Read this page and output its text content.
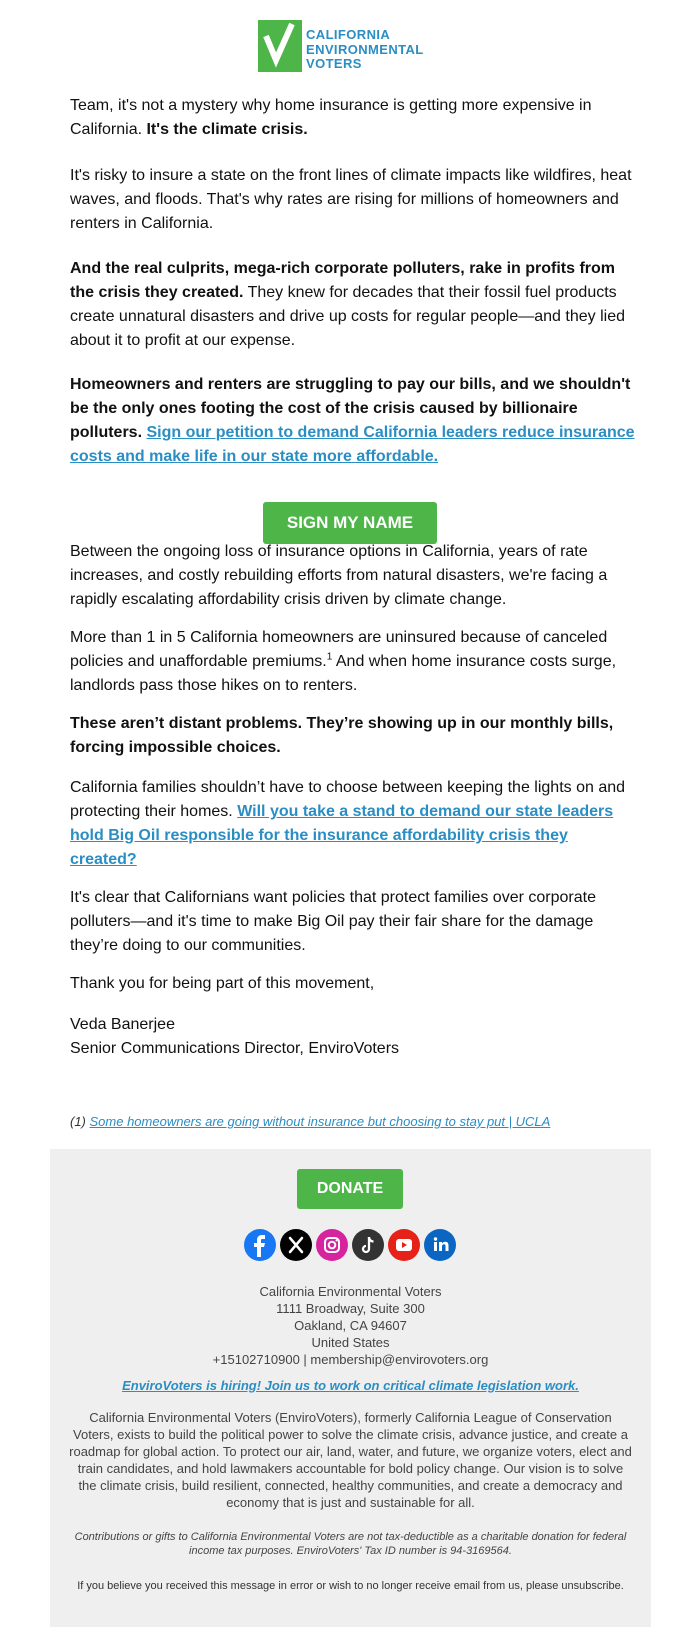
CALIFORNIA
ENVIRONMENTAL
VOTERS

Team, it's not a mystery why home insurance is getting more expensive in California. It's the climate crisis.

It's risky to insure a state on the front lines of climate impacts like wildfires, heat waves, and floods. That's why rates are rising for millions of homeowners and renters in California.

And the real culprits, mega-rich corporate polluters, rake in profits from the crisis they created. They knew for decades that their fossil fuel products create unnatural disasters and drive up costs for regular people—and they lied about it to profit at our expense.

Homeowners and renters are struggling to pay our bills, and we shouldn't be the only ones footing the cost of the crisis caused by billionaire polluters. Sign our petition to demand California leaders reduce insurance costs and make life in our state more affordable.

SIGN MY NAME

Between the ongoing loss of insurance options in California, years of rate increases, and costly rebuilding efforts from natural disasters, we're facing a rapidly escalating affordability crisis driven by climate change.

More than 1 in 5 California homeowners are uninsured because of canceled policies and unaffordable premiums.$^1$ And when home insurance costs surge, landlords pass those hikes on to renters.

These aren’t distant problems. They’re showing up in our monthly bills, forcing impossible choices.

California families shouldn’t have to choose between keeping the lights on and protecting their homes. Will you take a stand to demand our state leaders hold Big Oil responsible for the insurance affordability crisis they created?

It's clear that Californians want policies that protect families over corporate polluters—and it's time to make Big Oil pay their fair share for the damage they’re doing to our communities.

Thank you for being part of this movement,

Veda Banerjee
Senior Communications Director, EnviroVoters

(1) Some homeowners are going without insurance but choosing to stay put | UCLA
DONATE
California Environmental Voters
1111 Broadway, Suite 300
Oakland, CA 94607
United States
+15102710900 | membership@envirovoters.org
EnviroVoters is hiring! Join us to work on critical climate legislation work.
California Environmental Voters (EnviroVoters), formerly California League of Conservation Voters, exists to build the political power to solve the climate crisis, advance justice, and create a roadmap for global action. To protect our air, land, water, and future, we organize voters, elect and train candidates, and hold lawmakers accountable for bold policy change. Our vision is to solve the climate crisis, build resilient, connected, healthy communities, and create a democracy and economy that is just and sustainable for all.
Contributions or gifts to California Environmental Voters are not tax-deductible as a charitable donation for federal income tax purposes. EnviroVoters' Tax ID number is 94-3169564.
If you believe you received this message in error or wish to no longer receive email from us, please unsubscribe.
